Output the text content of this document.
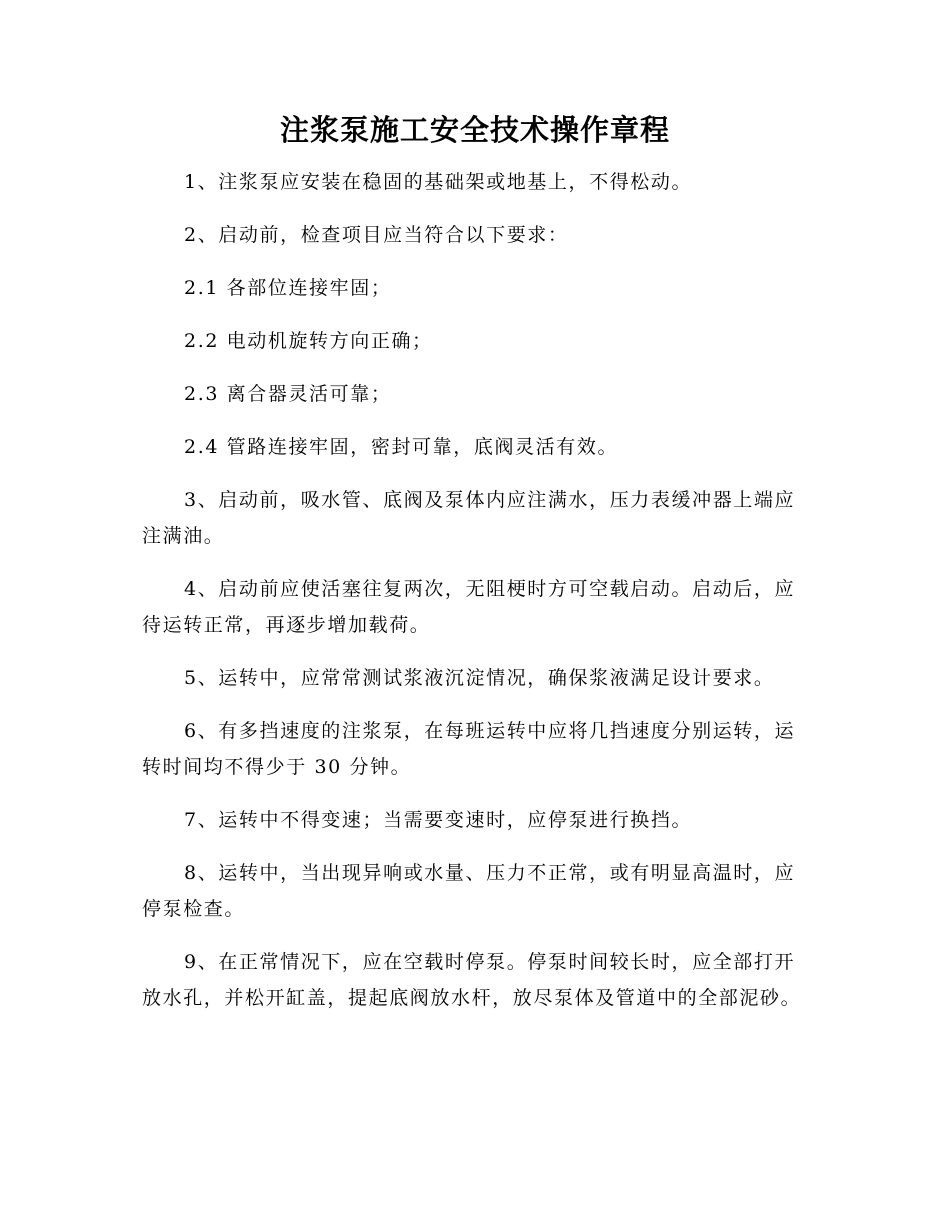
注浆泵施工安全技术操作章程

1、注浆泵应安装在稳固的基础架或地基上，不得松动。

2、启动前，检查项目应当符合以下要求：

2.1 各部位连接牢固；

2.2 电动机旋转方向正确；

2.3 离合器灵活可靠；

2.4 管路连接牢固，密封可靠，底阀灵活有效。

3、启动前，吸水管、底阀及泵体内应注满水，压力表缓冲器上端应注满油。

4、启动前应使活塞往复两次，无阻梗时方可空载启动。启动后，应待运转正常，再逐步增加载荷。

5、运转中，应常常测试浆液沉淀情况，确保浆液满足设计要求。

6、有多挡速度的注浆泵，在每班运转中应将几挡速度分别运转，运转时间均不得少于 30 分钟。

7、运转中不得变速；当需要变速时，应停泵进行换挡。

8、运转中，当出现异响或水量、压力不正常，或有明显高温时，应停泵检查。

9、在正常情况下，应在空载时停泵。停泵时间较长时，应全部打开放水孔，并松开缸盖，提起底阀放水杆，放尽泵体及管道中的全部泥砂。
